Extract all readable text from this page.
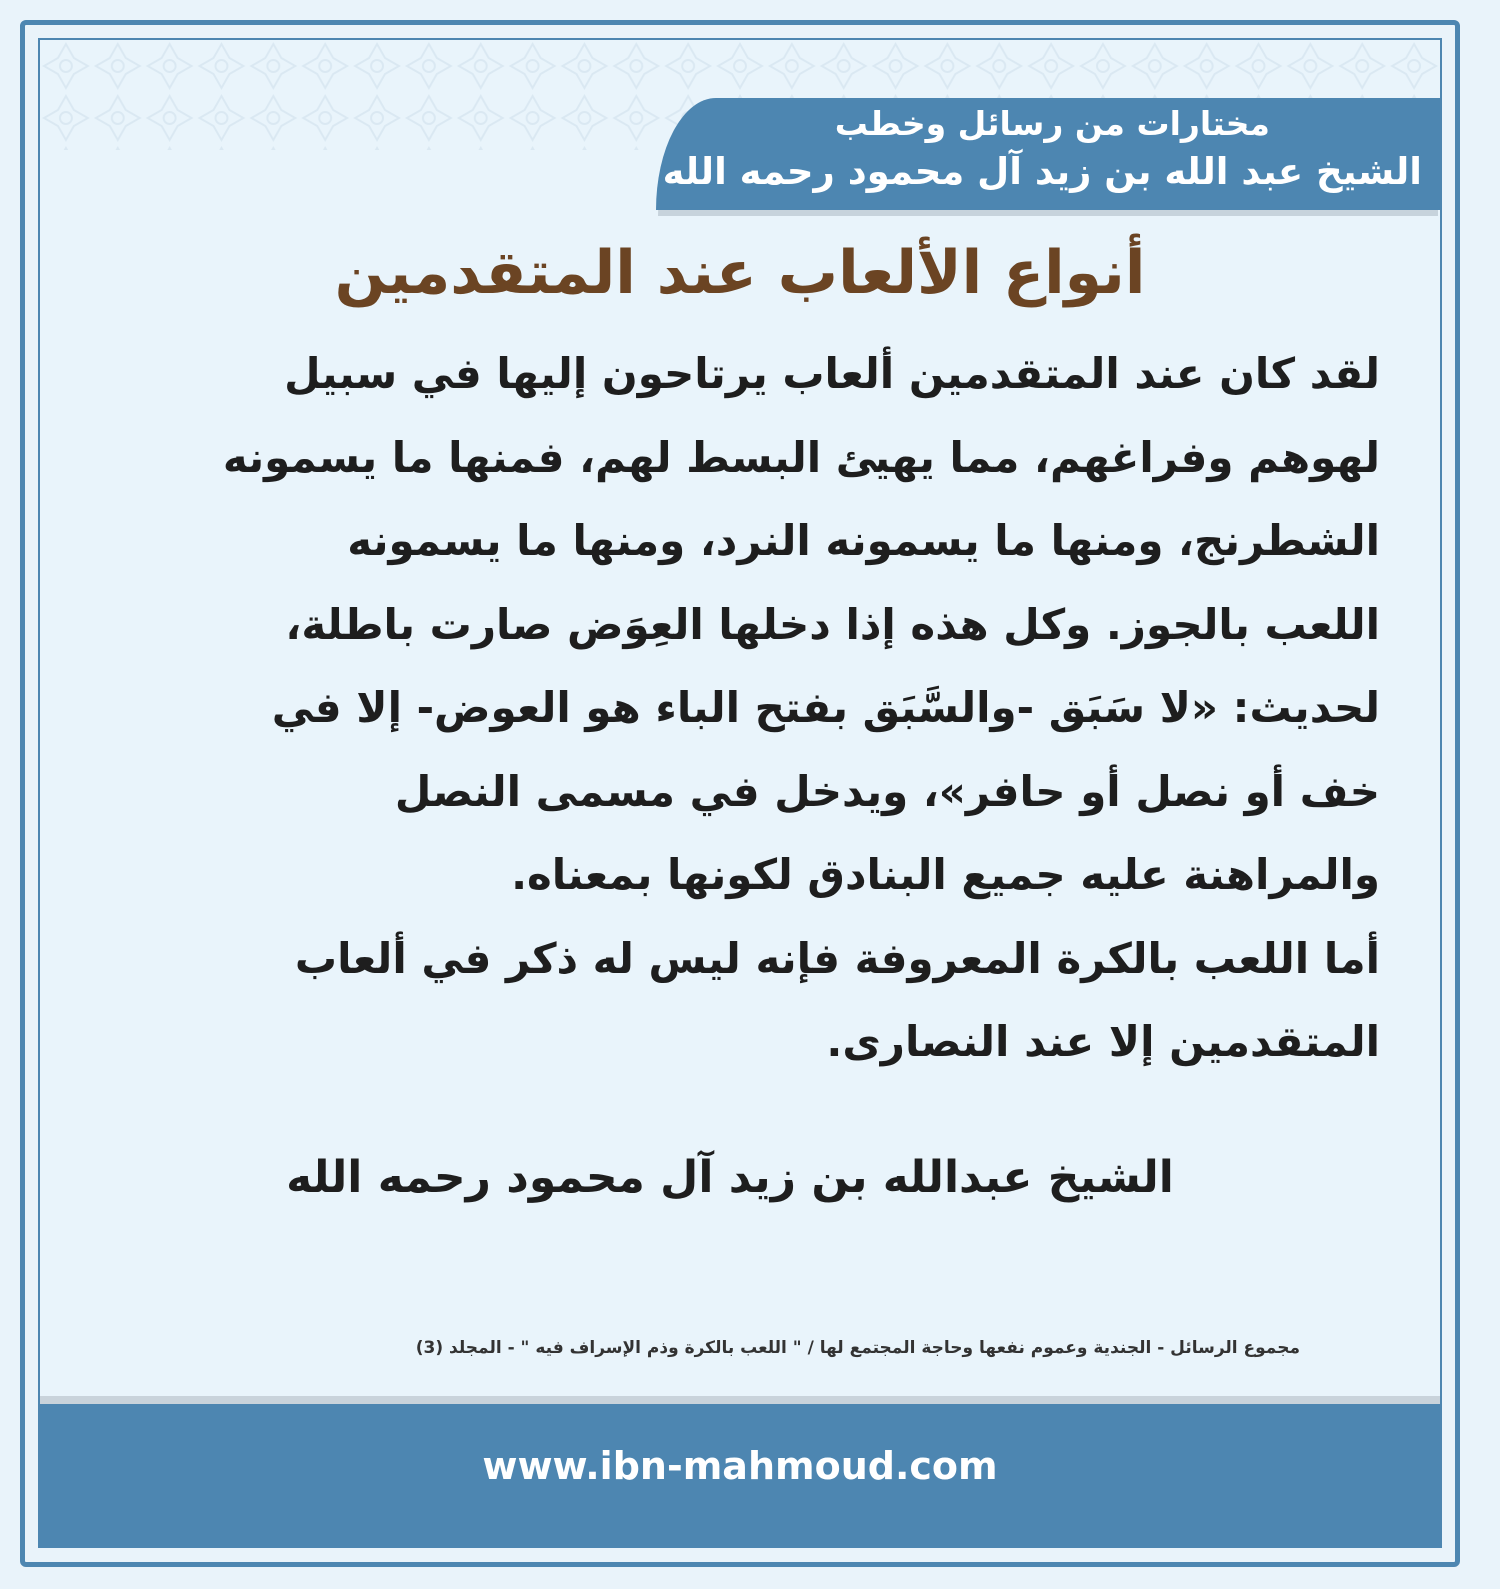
مختارات من رسائل وخطب
الشيخ عبد الله بن زيد آل محمود رحمه الله
أنواع الألعاب عند المتقدمين

لقد كان عند المتقدمين ألعاب يرتاحون إليها في سبيل لهوهم وفراغهم، مما يهيئ البسط لهم، فمنها ما يسمونه الشطرنج، ومنها ما يسمونه النرد، ومنها ما يسمونه اللعب بالجوز. وكل هذه إذا دخلها العِوَض صارت باطلة، لحديث: «لا سَبَق -والسَّبَق بفتح الباء هو العوض- إلا في خف أو نصل أو حافر»، ويدخل في مسمى النصل والمراهنة عليه جميع البنادق لكونها بمعناه.

أما اللعب بالكرة المعروفة فإنه ليس له ذكر في ألعاب المتقدمين إلا عند النصارى.

الشيخ عبدالله بن زيد آل محمود رحمه الله
مجموع الرسائل - الجندية وعموم نفعها وحاجة المجتمع لها / " اللعب بالكرة وذم الإسراف فيه " - المجلد (3)
www.ibn-mahmoud.com
